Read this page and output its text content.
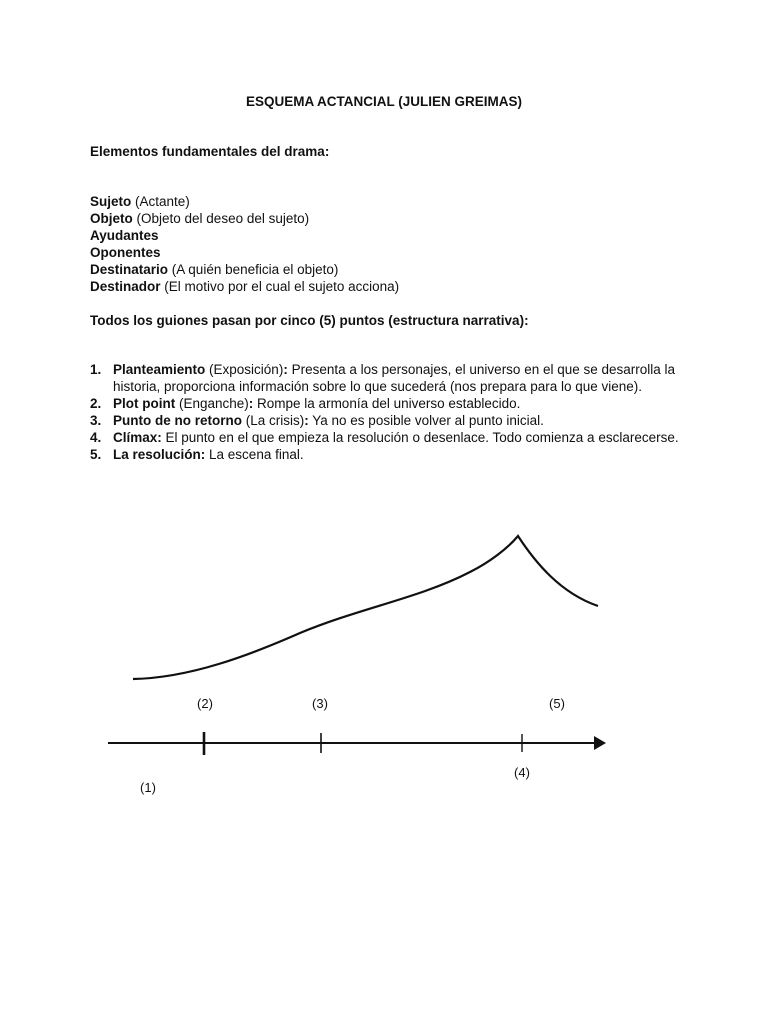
ESQUEMA ACTANCIAL (JULIEN GREIMAS)
Elementos fundamentales del drama:
Sujeto (Actante)
Objeto (Objeto del deseo del sujeto)
Ayudantes
Oponentes
Destinatario (A quién beneficia el objeto)
Destinador (El motivo por el cual el sujeto acciona)
Todos los guiones pasan por cinco (5) puntos (estructura narrativa):
1. Planteamiento (Exposición): Presenta a los personajes, el universo en el que se desarrolla la historia, proporciona información sobre lo que sucederá (nos prepara para lo que viene).
2. Plot point (Enganche): Rompe la armonía del universo establecido.
3. Punto de no retorno (La crisis): Ya no es posible volver al punto inicial.
4. Clímax: El punto en el que empieza la resolución o desenlace. Todo comienza a esclarecerse.
5. La resolución: La escena final.
(2)	(3)	(5)
(4)
(1)
